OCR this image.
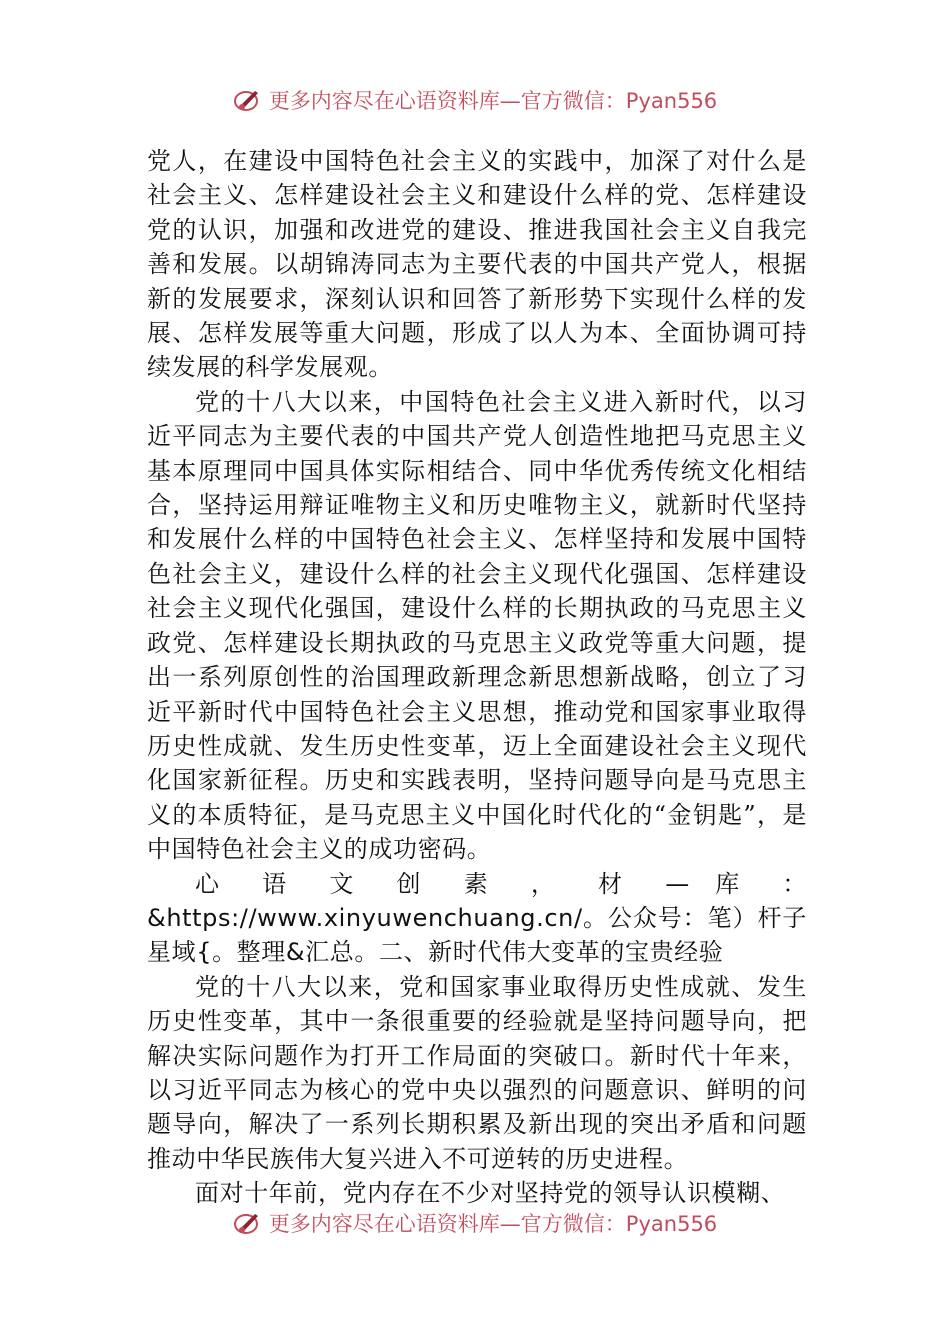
更多内容尽在心语资料库—官方微信：Pyan556

党人，在建设中国特色社会主义的实践中，加深了对什么是社会主义、怎样建设社会主义和建设什么样的党、怎样建设党的认识，加强和改进党的建设、推进我国社会主义自我完善和发展。以胡锦涛同志为主要代表的中国共产党人，根据新的发展要求，深刻认识和回答了新形势下实现什么样的发展、怎样发展等重大问题，形成了以人为本、全面协调可持续发展的科学发展观。

党的十八大以来，中国特色社会主义进入新时代，以习近平同志为主要代表的中国共产党人创造性地把马克思主义基本原理同中国具体实际相结合、同中华优秀传统文化相结合，坚持运用辩证唯物主义和历史唯物主义，就新时代坚持和发展什么样的中国特色社会主义、怎样坚持和发展中国特色社会主义，建设什么样的社会主义现代化强国、怎样建设社会主义现代化强国，建设什么样的长期执政的马克思主义政党、怎样建设长期执政的马克思主义政党等重大问题，提出一系列原创性的治国理政新理念新思想新战略，创立了习近平新时代中国特色社会主义思想，推动党和国家事业取得历史性成就、发生历史性变革，迈上全面建设社会主义现代化国家新征程。历史和实践表明，坚持问题导向是马克思主义的本质特征，是马克思主义中国化时代化的“金钥匙”，是中国特色社会主义的成功密码。

心 语 文 创 素 ， 材 — 库 ： &https://www.xinyuwenchuang.cn/。公众号：笔）杆子星域{。整理&汇总。二、新时代伟大变革的宝贵经验

党的十八大以来，党和国家事业取得历史性成就、发生历史性变革，其中一条很重要的经验就是坚持问题导向，把解决实际问题作为打开工作局面的突破口。新时代十年来，以习近平同志为核心的党中央以强烈的问题意识、鲜明的问题导向，解决了一系列长期积累及新出现的突出矛盾和问题推动中华民族伟大复兴进入不可逆转的历史进程。

面对十年前，党内存在不少对坚持党的领导认识模糊、

更多内容尽在心语资料库—官方微信：Pyan556
